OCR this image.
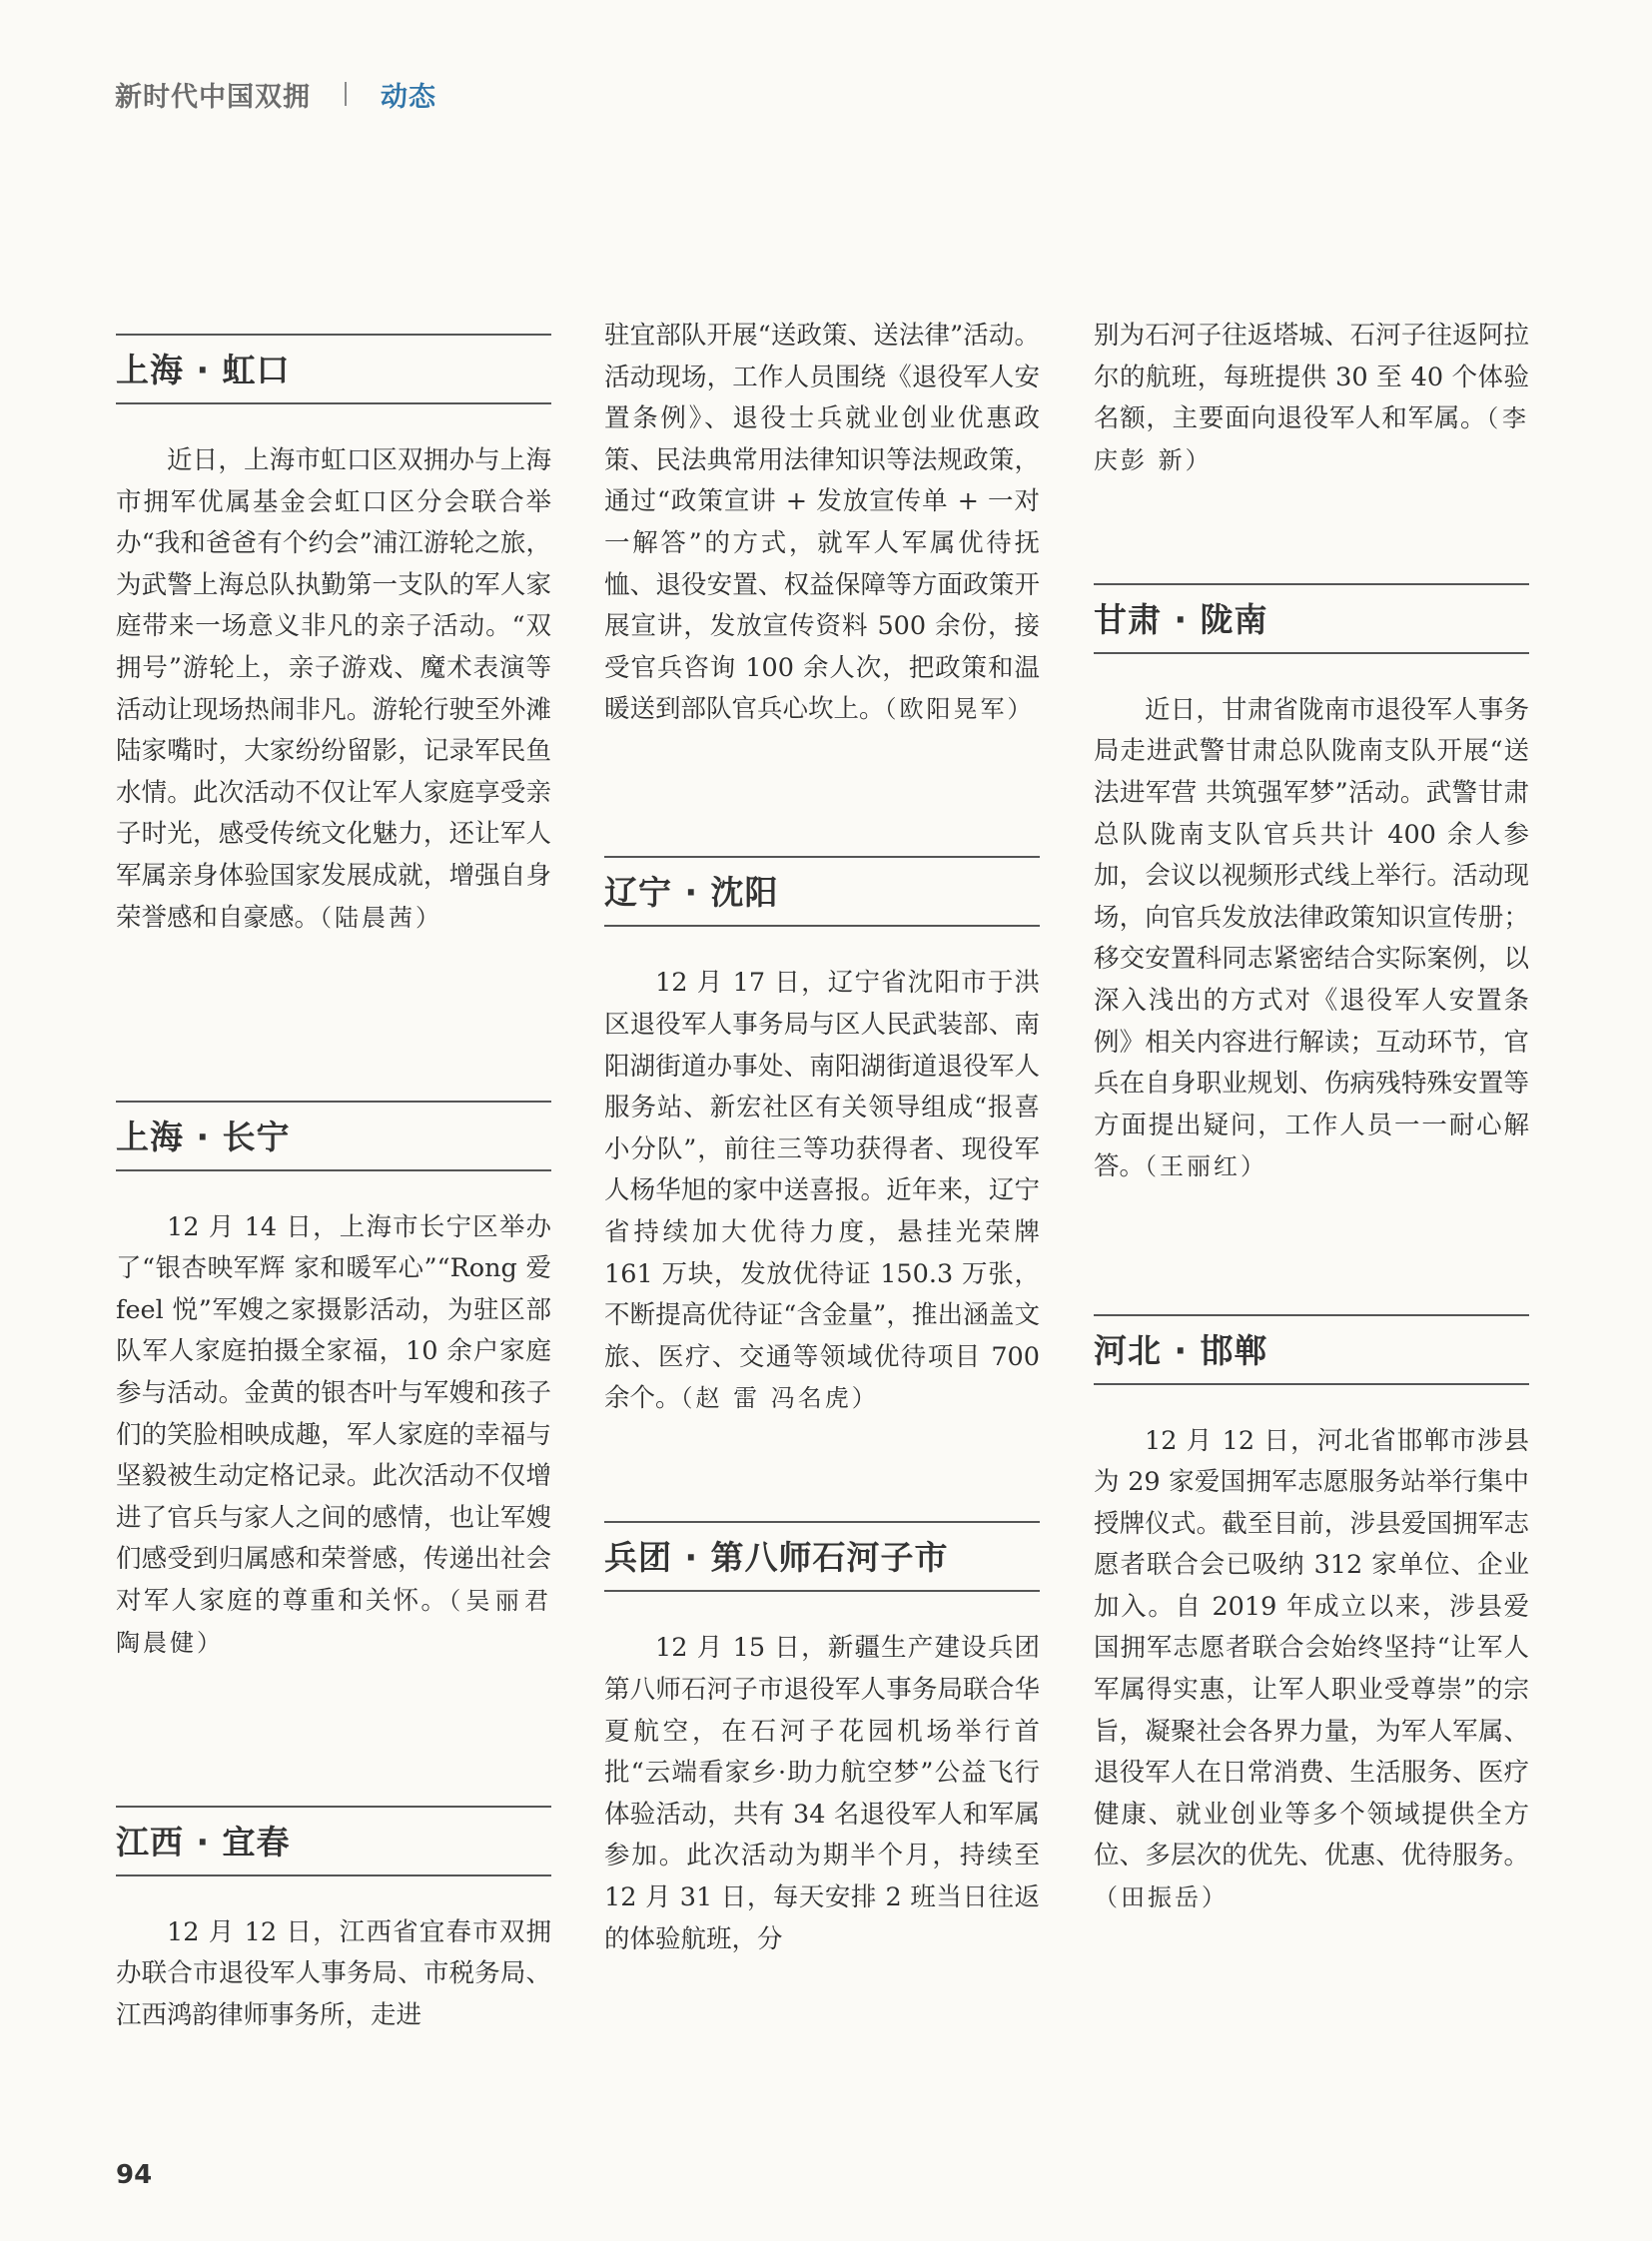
新时代中国双拥	动态
上海 · 虹口

近日，上海市虹口区双拥办与上海市拥军优属基金会虹口区分会联合举办“我和爸爸有个约会”浦江游轮之旅，为武警上海总队执勤第一支队的军人家庭带来一场意义非凡的亲子活动。“双拥号”游轮上，亲子游戏、魔术表演等活动让现场热闹非凡。游轮行驶至外滩陆家嘴时，大家纷纷留影，记录军民鱼水情。此次活动不仅让军人家庭享受亲子时光，感受传统文化魅力，还让军人军属亲身体验国家发展成就，增强自身荣誉感和自豪感。（陆晨茜）

上海 · 长宁

12 月 14 日，上海市长宁区举办了“银杏映军辉 家和暖军心”“Rong 爱 feel 悦”军嫂之家摄影活动，为驻区部队军人家庭拍摄全家福，10 余户家庭参与活动。金黄的银杏叶与军嫂和孩子们的笑脸相映成趣，军人家庭的幸福与坚毅被生动定格记录。此次活动不仅增进了官兵与家人之间的感情，也让军嫂们感受到归属感和荣誉感，传递出社会对军人家庭的尊重和关怀。（吴丽君 陶晨健）

江西 · 宜春

12 月 12 日，江西省宜春市双拥办联合市退役军人事务局、市税务局、江西鸿韵律师事务所，走进

驻宜部队开展“送政策、送法律”活动。活动现场，工作人员围绕《退役军人安置条例》、退役士兵就业创业优惠政策、民法典常用法律知识等法规政策，通过“政策宣讲 + 发放宣传单 + 一对一解答”的方式，就军人军属优待抚恤、退役安置、权益保障等方面政策开展宣讲，发放宣传资料 500 余份，接受官兵咨询 100 余人次，把政策和温暖送到部队官兵心坎上。（欧阳晃军）

辽宁 · 沈阳

12 月 17 日，辽宁省沈阳市于洪区退役军人事务局与区人民武装部、南阳湖街道办事处、南阳湖街道退役军人服务站、新宏社区有关领导组成“报喜小分队”，前往三等功获得者、现役军人杨华旭的家中送喜报。近年来，辽宁省持续加大优待力度，悬挂光荣牌 161 万块，发放优待证 150.3 万张，不断提高优待证“含金量”，推出涵盖文旅、医疗、交通等领域优待项目 700 余个。（赵 雷 冯名虎）

兵团 · 第八师石河子市

12 月 15 日，新疆生产建设兵团第八师石河子市退役军人事务局联合华夏航空，在石河子花园机场举行首批“云端看家乡·助力航空梦”公益飞行体验活动，共有 34 名退役军人和军属参加。此次活动为期半个月，持续至 12 月 31 日，每天安排 2 班当日往返的体验航班，分

别为石河子往返塔城、石河子往返阿拉尔的航班，每班提供 30 至 40 个体验名额，主要面向退役军人和军属。（李 庆彭 新）

甘肃 · 陇南

近日，甘肃省陇南市退役军人事务局走进武警甘肃总队陇南支队开展“送法进军营 共筑强军梦”活动。武警甘肃总队陇南支队官兵共计 400 余人参加，会议以视频形式线上举行。活动现场，向官兵发放法律政策知识宣传册；移交安置科同志紧密结合实际案例，以深入浅出的方式对《退役军人安置条例》相关内容进行解读；互动环节，官兵在自身职业规划、伤病残特殊安置等方面提出疑问，工作人员一一耐心解答。（王丽红）

河北 · 邯郸

12 月 12 日，河北省邯郸市涉县为 29 家爱国拥军志愿服务站举行集中授牌仪式。截至目前，涉县爱国拥军志愿者联合会已吸纳 312 家单位、企业加入。自 2019 年成立以来，涉县爱国拥军志愿者联合会始终坚持“让军人军属得实惠，让军人职业受尊崇”的宗旨，凝聚社会各界力量，为军人军属、退役军人在日常消费、生活服务、医疗健康、就业创业等多个领域提供全方位、多层次的优先、优惠、优待服务。（田振岳）

94
